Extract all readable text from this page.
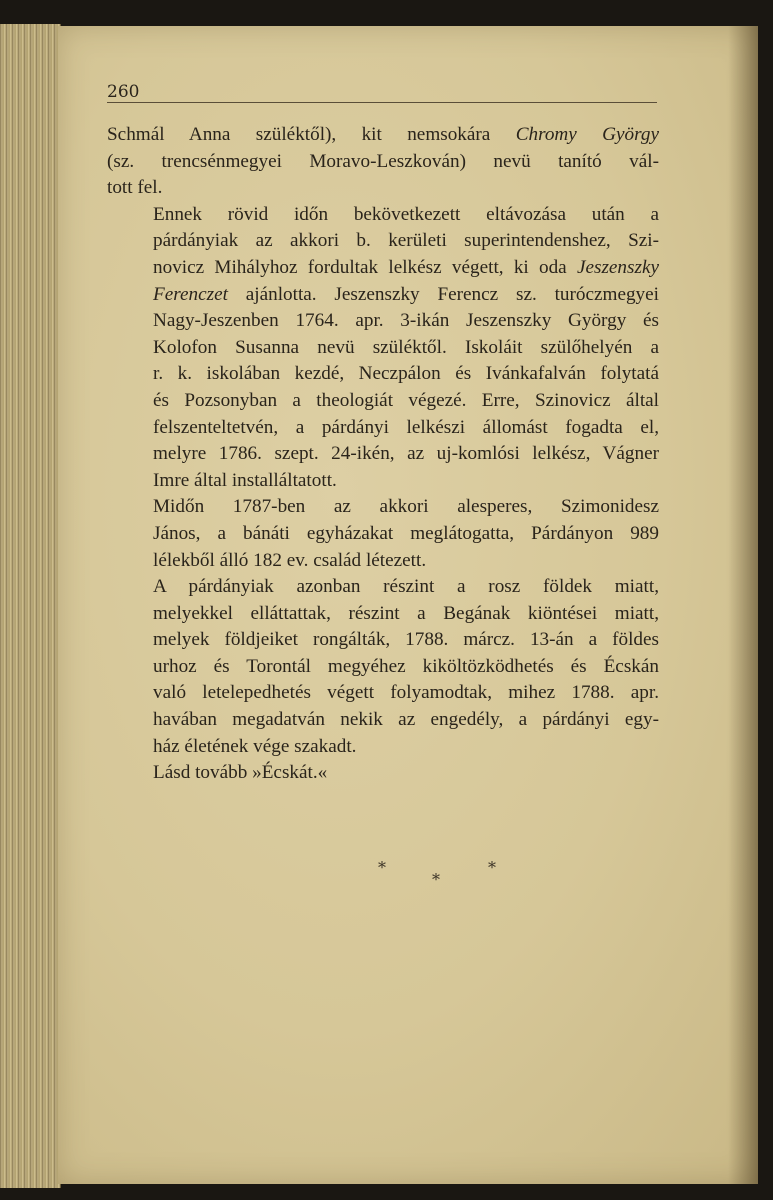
260
Schmál Anna szüléktől), kit nemsokára Chromy György
(sz. trencsénmegyei Moravo-Leszkován) nevü tanító vál-
tott fel.
Ennek rövid időn bekövetkezett eltávozása után a
párdányiak az akkori b. kerületi superintendenshez, Szi-
novicz Mihályhoz fordultak lelkész végett, ki oda Jeszenszky
Ferenczet ajánlotta. Jeszenszky Ferencz sz. turóczmegyei
Nagy-Jeszenben 1764. apr. 3-ikán Jeszenszky György és
Kolofon Susanna nevü szüléktől. Iskoláit szülőhelyén a
r. k. iskolában kezdé, Neczpálon és Ivánkafalván folytatá
és Pozsonyban a theologiát végezé. Erre, Szinovicz által
felszenteltetvén, a párdányi lelkészi állomást fogadta el,
melyre 1786. szept. 24-ikén, az uj-komlósi lelkész, Vágner
Imre által installáltatott.
Midőn 1787-ben az akkori alesperes, Szimonidesz
János, a bánáti egyházakat meglátogatta, Párdányon 989
lélekből álló 182 ev. család létezett.
A párdányiak azonban részint a rosz földek miatt,
melyekkel elláttattak, részint a Begának kiöntései miatt,
melyek földjeiket rongálták, 1788. márcz. 13-án a földes
urhoz és Torontál megyéhez kiköltözködhetés és Écskán
való letelepedhetés végett folyamodtak, mihez 1788. apr.
havában megadatván nekik az engedély, a párdányi egy-
ház életének vége szakadt.
Lásd tovább »Écskát.«
*
*
*
